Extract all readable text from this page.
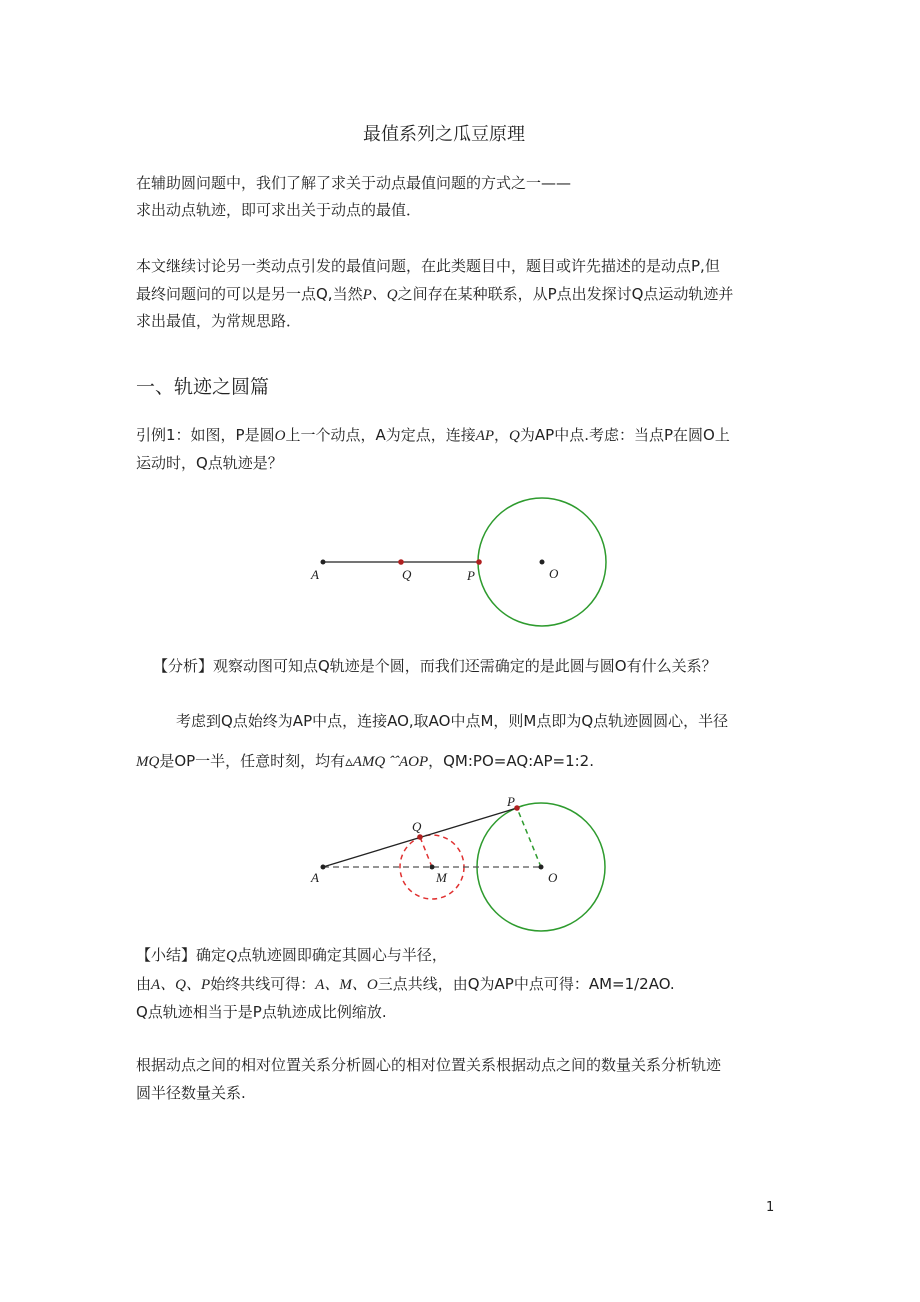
最值系列之瓜豆原理
在辅助圆问题中，我们了解了求关于动点最值问题的方式之一——
求出动点轨迹，即可求出关于动点的最值．
本文继续讨论另一类动点引发的最值问题，在此类题目中，题目或许先描述的是动点P,但
最终问题问的可以是另一点Q,当然P、Q之间存在某种联系，从P点出发探讨Q点运动轨迹并
求出最值，为常规思路．
一、轨迹之圆篇
引例1：如图，P是圆O上一个动点，A为定点，连接AP，Q为AP中点.考虑：当点P在圆O上
运动时，Q点轨迹是？
A	Q	P	O
【分析】观察动图可知点Q轨迹是个圆，而我们还需确定的是此圆与圆O有什么关系？
考虑到Q点始终为AP中点，连接AO,取AO中点M，则M点即为Q点轨迹圆圆心，半径
MQ是OP一半，任意时刻，均有▵AMQ ˆˆAOP，QM:PO=AQ:AP=1:2.
A
Q
P
M	O
【小结】确定Q点轨迹圆即确定其圆心与半径，
由A、Q、P始终共线可得：A、M、O三点共线，由Q为AP中点可得：AM=1/2AO.
Q点轨迹相当于是P点轨迹成比例缩放.
根据动点之间的相对位置关系分析圆心的相对位置关系根据动点之间的数量关系分析轨迹
圆半径数量关系.
1
